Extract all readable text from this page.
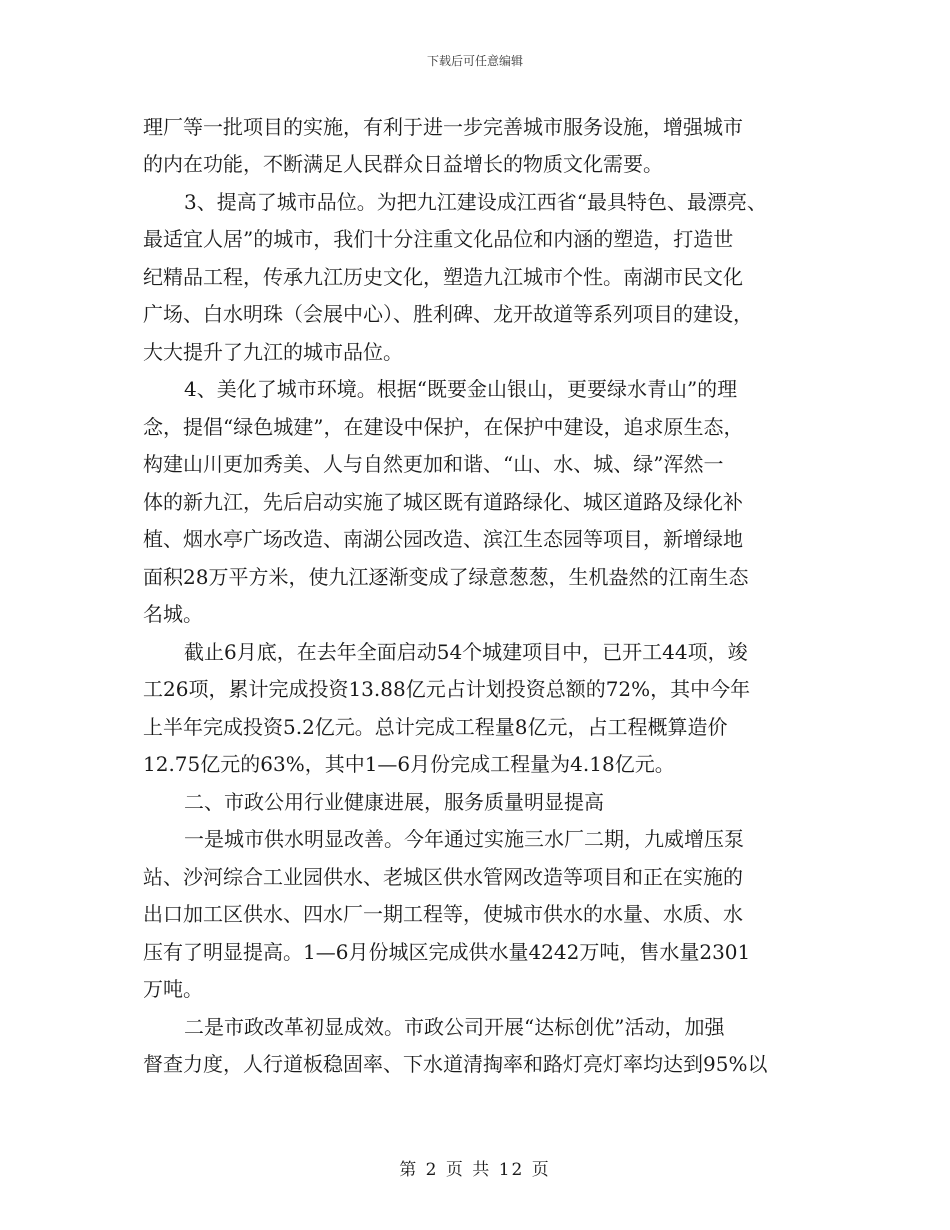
下载后可任意编辑
理厂等一批项目的实施，有利于进一步完善城市服务设施，增强城市
的内在功能，不断满足人民群众日益增长的物质文化需要。
3、提高了城市品位。为把九江建设成江西省“最具特色、最漂亮、
最适宜人居”的城市，我们十分注重文化品位和内涵的塑造，打造世
纪精品工程，传承九江历史文化，塑造九江城市个性。南湖市民文化
广场、白水明珠（会展中心）、胜利碑、龙开故道等系列项目的建设，
大大提升了九江的城市品位。
4、美化了城市环境。根据“既要金山银山，更要绿水青山”的理
念，提倡“绿色城建”，在建设中保护，在保护中建设，追求原生态，
构建山川更加秀美、人与自然更加和谐、“山、水、城、绿”浑然一
体的新九江，先后启动实施了城区既有道路绿化、城区道路及绿化补
植、烟水亭广场改造、南湖公园改造、滨江生态园等项目，新增绿地
面积28万平方米，使九江逐渐变成了绿意葱葱，生机盎然的江南生态
名城。
截止6月底，在去年全面启动54个城建项目中，已开工44项，竣
工26项，累计完成投资13.88亿元占计划投资总额的72%，其中今年
上半年完成投资5.2亿元。总计完成工程量8亿元，占工程概算造价
12.75亿元的63%，其中1—6月份完成工程量为4.18亿元。
二、市政公用行业健康进展，服务质量明显提高
一是城市供水明显改善。今年通过实施三水厂二期，九威增压泵
站、沙河综合工业园供水、老城区供水管网改造等项目和正在实施的
出口加工区供水、四水厂一期工程等，使城市供水的水量、水质、水
压有了明显提高。1—6月份城区完成供水量4242万吨，售水量2301
万吨。
二是市政改革初显成效。市政公司开展“达标创优”活动，加强
督查力度，人行道板稳固率、下水道清掏率和路灯亮灯率均达到95%以
第 2 页 共 12 页
